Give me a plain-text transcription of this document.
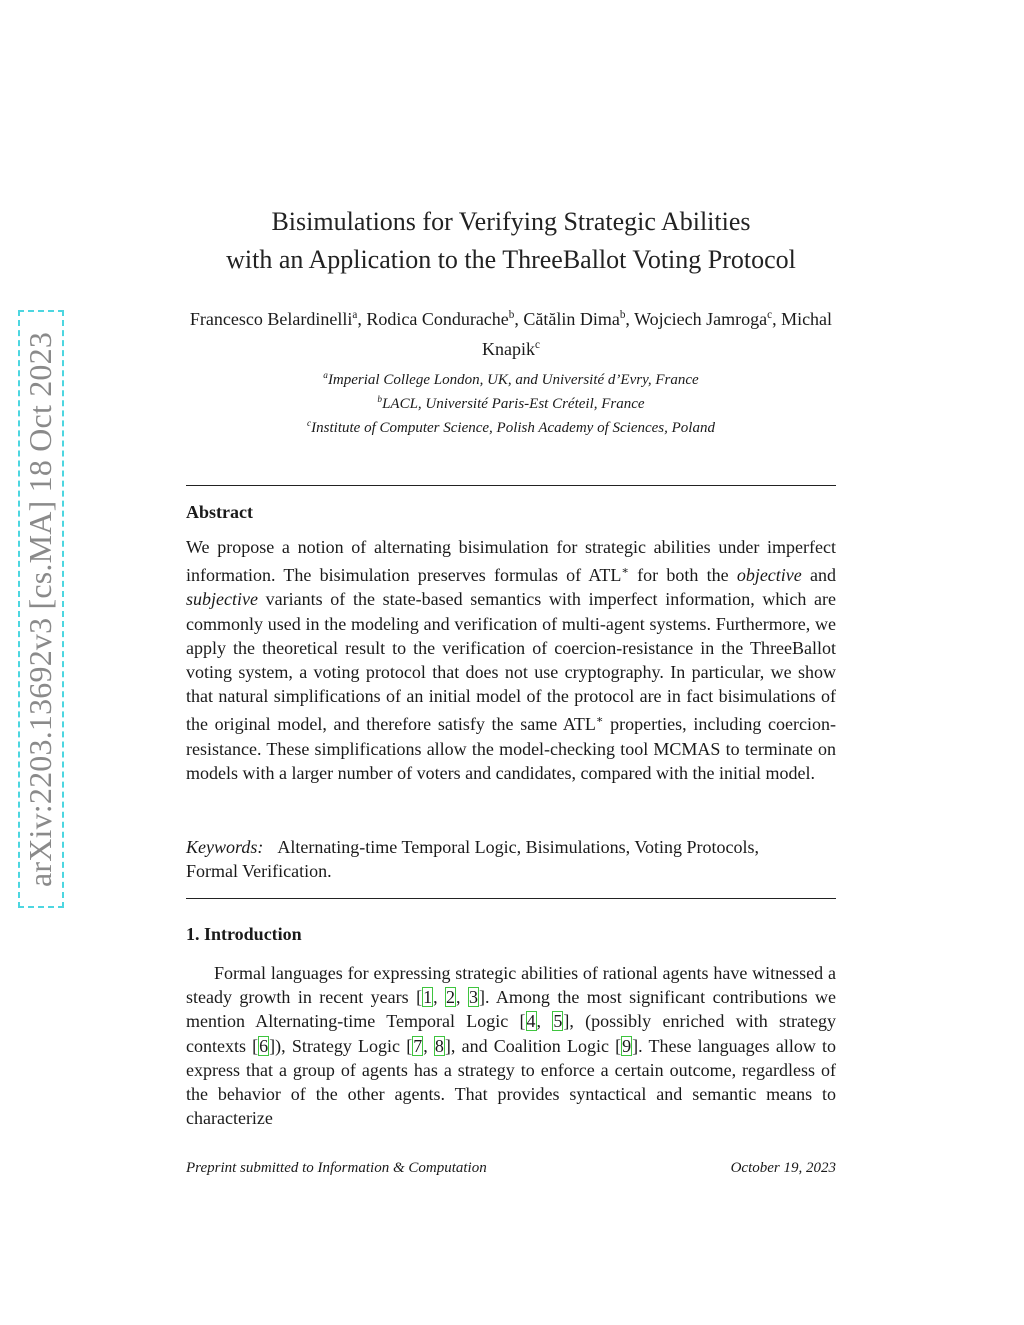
arXiv:2203.13692v3 [cs.MA] 18 Oct 2023
Bisimulations for Verifying Strategic Abilities
with an Application to the ThreeBallot Voting Protocol
Francesco Belardinelli$^a$, Rodica Condurache$^b$, Cătălin Dima$^b$, Wojciech Jamroga$^c$, Michal Knapik$^c$
$^a$Imperial College London, UK, and Université d’Evry, France
$^b$LACL, Université Paris-Est Créteil, France
$^c$Institute of Computer Science, Polish Academy of Sciences, Poland
Abstract
We propose a notion of alternating bisimulation for strategic abilities under imperfect information. The bisimulation preserves formulas of ATL∗ for both the objective and subjective variants of the state-based semantics with imperfect information, which are commonly used in the modeling and verification of multi-agent systems. Furthermore, we apply the theoretical result to the verification of coercion-resistance in the ThreeBallot voting system, a voting protocol that does not use cryptography. In particular, we show that natural simplifications of an initial model of the protocol are in fact bisimulations of the original model, and therefore satisfy the same ATL∗ properties, including coercion-resistance. These simplifications allow the model-checking tool MCMAS to terminate on models with a larger number of voters and candidates, compared with the initial model.
Keywords: Alternating-time Temporal Logic, Bisimulations, Voting Protocols, Formal Verification.
1. Introduction
Formal languages for expressing strategic abilities of rational agents have witnessed a steady growth in recent years [1, 2, 3]. Among the most significant contributions we mention Alternating-time Temporal Logic [4, 5], (possibly enriched with strategy contexts [6]), Strategy Logic [7, 8], and Coalition Logic [9]. These languages allow to express that a group of agents has a strategy to enforce a certain outcome, regardless of the behavior of the other agents. That provides syntactical and semantic means to characterize
Preprint submitted to Information & Computation	October 19, 2023
